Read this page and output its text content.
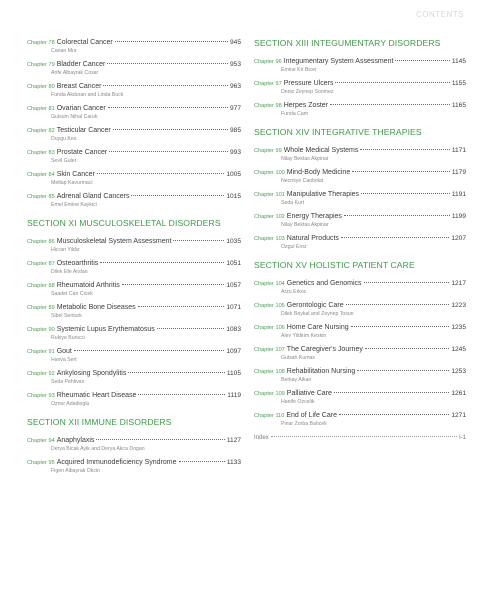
CONTENTS
Chapter 78 Colorectal Cancer	945
Canan Mur
Chapter 79 Bladder Cancer	953
Arife Albayrak Cosar
Chapter 80 Breast Cancer	963
Funda Akduran and Linda Buck
Chapter 81 Ovarian Cancer	977
Gulsum Nihal Caruk
Chapter 82 Testicular Cancer	985
Duygu Kes
Chapter 83 Prostate Cancer	993
Sevil Guler
Chapter 84 Skin Cancer	1005
Meltap Kavurmaci
Chapter 85 Adrenal Gland Cancers	1015
Emel Emine Kaykici
SECTION XI MUSCULOSKELETAL DISORDERS
Chapter 86 Musculoskeletal System Assessment	1035
Hicran Yildiz
Chapter 87 Osteoarthritis	1051
Dilek Efe Arslan
Chapter 88 Rheumatoid Arthritis	1057
Saadet Can Cicek
Chapter 89 Metabolic Bone Diseases	1071
Sibel Senturk
Chapter 90 Systemic Lupus Erythematosus	1083
Rukiye Burucu
Chapter 91 Gout	1097
Havva Sert
Chapter 92 Ankylosing Spondylitis	1105
Seda Pehlivan
Chapter 93 Rheumatic Heart Disease	1119
Oznur Adadioglu
SECTION XII IMMUNE DISORDERS
Chapter 94 Anaphylaxis	1127
Derya Bicak Ayik and Derya Akca Dogan
Chapter 95 Acquired Immunodeficiency Syndrome	1133
Figen Albayrak Okcin
SECTION XIII INTEGUMENTARY DISORDERS
Chapter 96 Integumentary System Assessment	1145
Emine Kir Bicer
Chapter 97 Pressure Ulcers	1155
Deniz Zeynep Sonmez
Chapter 98 Herpes Zoster	1165
Funda Cam
SECTION XIV INTEGRATIVE THERAPIES
Chapter 99 Whole Medical Systems	1171
Nilay Bektas Akpinar
Chapter 100 Mind-Body Medicine	1179
Necmiye Canbolat
Chapter 101 Manipulative Therapies	1191
Seda Kurt
Chapter 102 Energy Therapies	1199
Nilay Bektas Akpinar
Chapter 103 Natural Products	1207
Ozgul Eroz
SECTION XV HOLISTIC PATIENT CARE
Chapter 104 Genetics and Genomics	1217
Arzu Erkoc
Chapter 105 Gerontologic Care	1223
Dilek Baykal and Zeynep Tosun
Chapter 106 Home Care Nursing	1235
Alev Yildirim Keskin
Chapter 107 The Caregiver's Journey	1245
Gulsah Kumas
Chapter 108 Rehabilitation Nursing	1253
Berkay Alkan
Chapter 109 Palliative Care	1261
Hanife Ozcelik
Chapter 110 End of Life Care	1271
Pinar Zorba Bahceli
Index	I-1
